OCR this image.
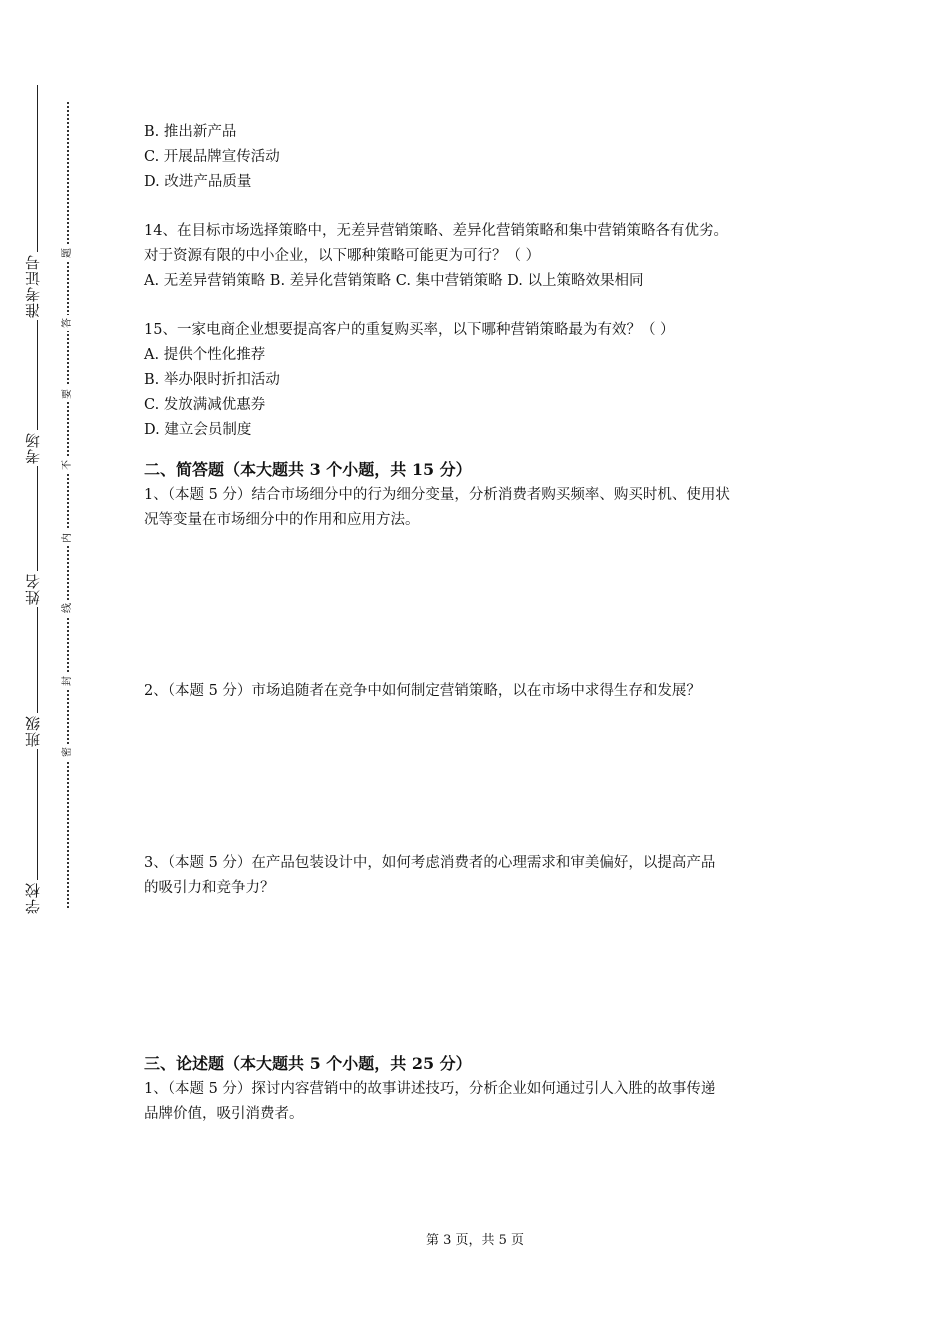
准考证号
考场
姓名
班级
学校
题
答
要
不
内
线
封
密

B. 推出新产品

C. 开展品牌宣传活动

D. 改进产品质量

14、在目标市场选择策略中，无差异营销策略、差异化营销策略和集中营销策略各有优劣。

对于资源有限的中小企业，以下哪种策略可能更为可行？（ ）

A. 无差异营销策略 B. 差异化营销策略 C. 集中营销策略 D. 以上策略效果相同

15、一家电商企业想要提高客户的重复购买率，以下哪种营销策略最为有效？（ ）

A. 提供个性化推荐

B. 举办限时折扣活动

C. 发放满减优惠券

D. 建立会员制度

二、简答题（本大题共 3 个小题，共 15 分）

1、（本题 5 分）结合市场细分中的行为细分变量，分析消费者购买频率、购买时机、使用状

况等变量在市场细分中的作用和应用方法。

2、（本题 5 分）市场追随者在竞争中如何制定营销策略，以在市场中求得生存和发展？

3、（本题 5 分）在产品包装设计中，如何考虑消费者的心理需求和审美偏好，以提高产品

的吸引力和竞争力？

三、论述题（本大题共 5 个小题，共 25 分）

1、（本题 5 分）探讨内容营销中的故事讲述技巧，分析企业如何通过引人入胜的故事传递

品牌价值，吸引消费者。

第 3 页，共 5 页
